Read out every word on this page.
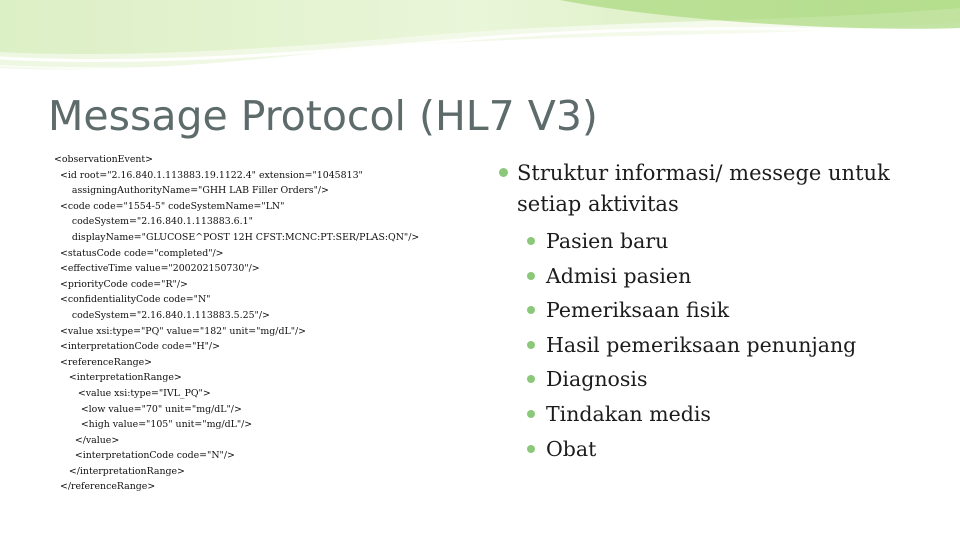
Message Protocol (HL7 V3)
<observationEvent>
<id root="2.16.840.1.113883.19.1122.4" extension="1045813"
assigningAuthorityName="GHH LAB Filler Orders"/>
<code code="1554-5" codeSystemName="LN"
codeSystem="2.16.840.1.113883.6.1"
displayName="GLUCOSE^POST 12H CFST:MCNC:PT:SER/PLAS:QN"/>
<statusCode code="completed"/>
<effectiveTime value="200202150730"/>
<priorityCode code="R"/>
<confidentialityCode code="N"
codeSystem="2.16.840.1.113883.5.25"/>
<value xsi:type="PQ" value="182" unit="mg/dL"/>
<interpretationCode code="H"/>
<referenceRange>
<interpretationRange>
<value xsi:type="IVL_PQ">
<low value="70" unit="mg/dL"/>
<high value="105" unit="mg/dL"/>
</value>
<interpretationCode code="N"/>
</interpretationRange>
</referenceRange>
Struktur informasi/ messege untuk setiap aktivitas
Pasien baru
Admisi pasien
Pemeriksaan fisik
Hasil pemeriksaan penunjang
Diagnosis
Tindakan medis
Obat
